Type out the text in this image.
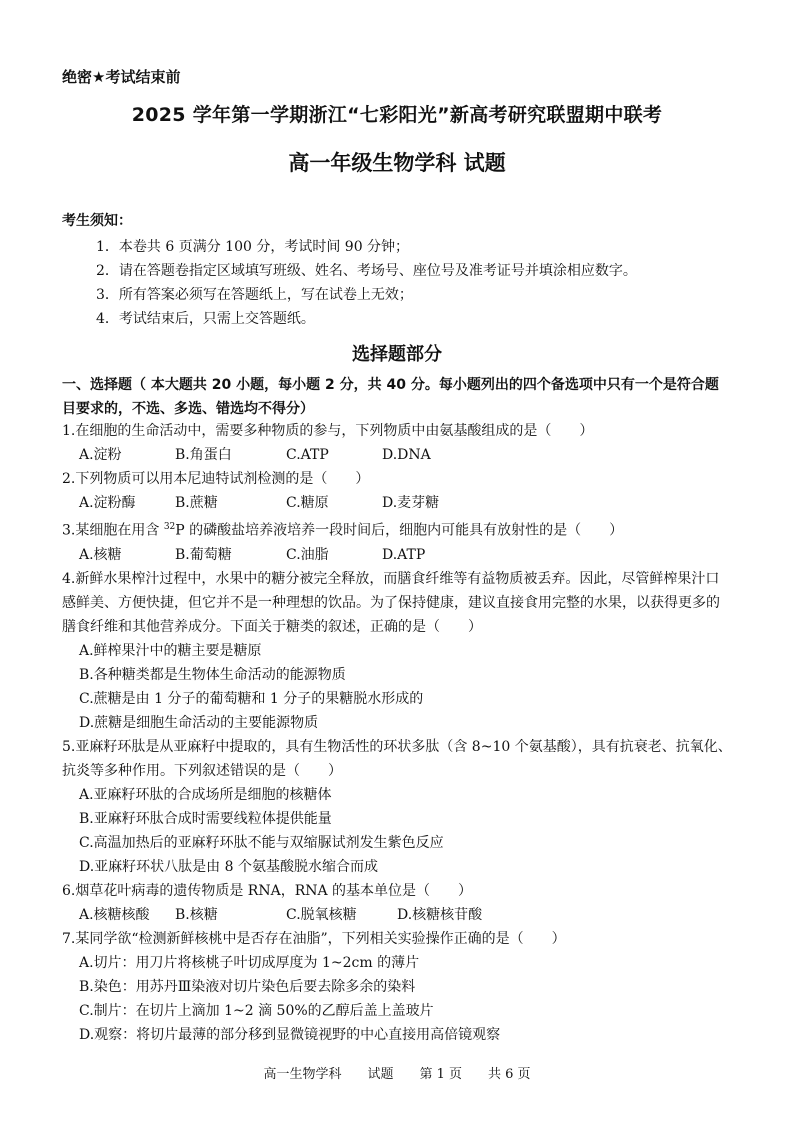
绝密★考试结束前
2025 学年第一学期浙江“七彩阳光”新高考研究联盟期中联考
高一年级生物学科 试题
考生须知：
1．本卷共 6 页满分 100 分，考试时间 90 分钟；
2．请在答题卷指定区域填写班级、姓名、考场号、座位号及准考证号并填涂相应数字。
3．所有答案必须写在答题纸上，写在试卷上无效；
4．考试结束后，只需上交答题纸。
选择题部分
一、选择题（ 本大题共 20 小题，每小题 2 分，共 40 分。每小题列出的四个备选项中只有一个是符合题目要求的，不选、多选、错选均不得分）
1.在细胞的生命活动中，需要多种物质的参与，下列物质中由氨基酸组成的是（　　）
A.淀粉	B.角蛋白	C.ATP	D.DNA
2.下列物质可以用本尼迪特试剂检测的是（　　）
A.淀粉酶	B.蔗糖	C.糖原	D.麦芽糖
3.某细胞在用含 $^{32}$P 的磷酸盐培养液培养一段时间后，细胞内可能具有放射性的是（　　）
A.核糖	B.葡萄糖	C.油脂	D.ATP
4.新鲜水果榨汁过程中，水果中的糖分被完全释放，而膳食纤维等有益物质被丢弃。因此，尽管鲜榨果汁口感鲜美、方便快捷，但它并不是一种理想的饮品。为了保持健康，建议直接食用完整的水果，以获得更多的膳食纤维和其他营养成分。下面关于糖类的叙述，正确的是（　　）
A.鲜榨果汁中的糖主要是糖原
B.各种糖类都是生物体生命活动的能源物质
C.蔗糖是由 1 分子的葡萄糖和 1 分子的果糖脱水形成的
D.蔗糖是细胞生命活动的主要能源物质
5.亚麻籽环肽是从亚麻籽中提取的，具有生物活性的环状多肽（含 8~10 个氨基酸），具有抗衰老、抗氧化、抗炎等多种作用。下列叙述错误的是（　　）
A.亚麻籽环肽的合成场所是细胞的核糖体
B.亚麻籽环肽合成时需要线粒体提供能量
C.高温加热后的亚麻籽环肽不能与双缩脲试剂发生紫色反应
D.亚麻籽环状八肽是由 8 个氨基酸脱水缩合而成
6.烟草花叶病毒的遗传物质是 RNA，RNA 的基本单位是（　　）
A.核糖核酸 B.核糖	C.脱氧核糖	D.核糖核苷酸
7.某同学欲“检测新鲜核桃中是否存在油脂”，下列相关实验操作正确的是（　　）
A.切片：用刀片将核桃子叶切成厚度为 1~2cm 的薄片
B.染色：用苏丹Ⅲ染液对切片染色后要去除多余的染料
C.制片：在切片上滴加 1~2 滴 50%的乙醇后盖上盖玻片
D.观察：将切片最薄的部分移到显微镜视野的中心直接用高倍镜观察
高一生物学科　　试题　　第 1 页　　共 6 页
